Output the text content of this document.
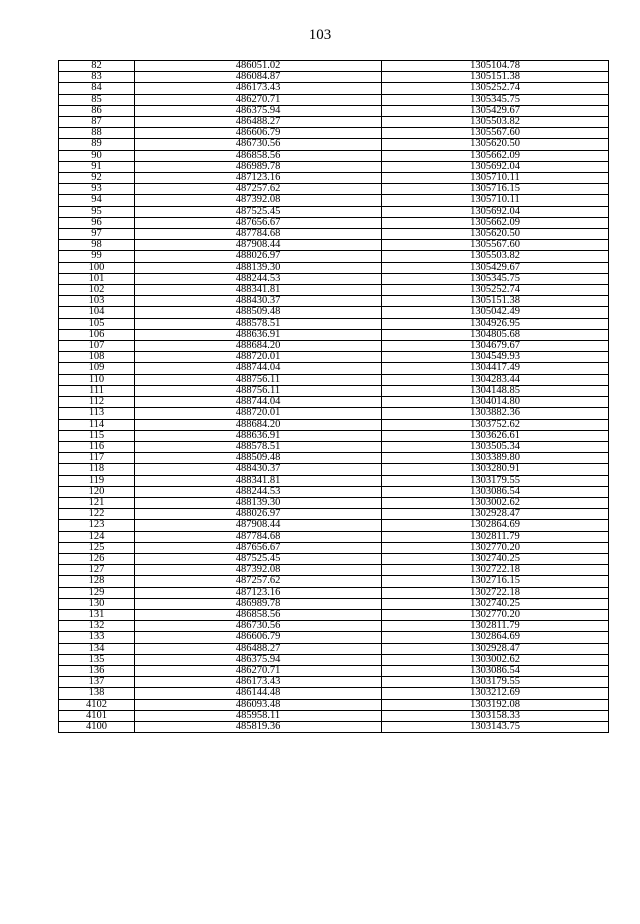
103
82	486051.02	1305104.78
83	486084.87	1305151.38
84	486173.43	1305252.74
85	486270.71	1305345.75
86	486375.94	1305429.67
87	486488.27	1305503.82
88	486606.79	1305567.60
89	486730.56	1305620.50
90	486858.56	1305662.09
91	486989.78	1305692.04
92	487123.16	1305710.11
93	487257.62	1305716.15
94	487392.08	1305710.11
95	487525.45	1305692.04
96	487656.67	1305662.09
97	487784.68	1305620.50
98	487908.44	1305567.60
99	488026.97	1305503.82
100	488139.30	1305429.67
101	488244.53	1305345.75
102	488341.81	1305252.74
103	488430.37	1305151.38
104	488509.48	1305042.49
105	488578.51	1304926.95
106	488636.91	1304805.68
107	488684.20	1304679.67
108	488720.01	1304549.93
109	488744.04	1304417.49
110	488756.11	1304283.44
111	488756.11	1304148.85
112	488744.04	1304014.80
113	488720.01	1303882.36
114	488684.20	1303752.62
115	488636.91	1303626.61
116	488578.51	1303505.34
117	488509.48	1303389.80
118	488430.37	1303280.91
119	488341.81	1303179.55
120	488244.53	1303086.54
121	488139.30	1303002.62
122	488026.97	1302928.47
123	487908.44	1302864.69
124	487784.68	1302811.79
125	487656.67	1302770.20
126	487525.45	1302740.25
127	487392.08	1302722.18
128	487257.62	1302716.15
129	487123.16	1302722.18
130	486989.78	1302740.25
131	486858.56	1302770.20
132	486730.56	1302811.79
133	486606.79	1302864.69
134	486488.27	1302928.47
135	486375.94	1303002.62
136	486270.71	1303086.54
137	486173.43	1303179.55
138	486144.48	1303212.69
4102	486093.48	1303192.08
4101	485958.11	1303158.33
4100	485819.36	1303143.75
